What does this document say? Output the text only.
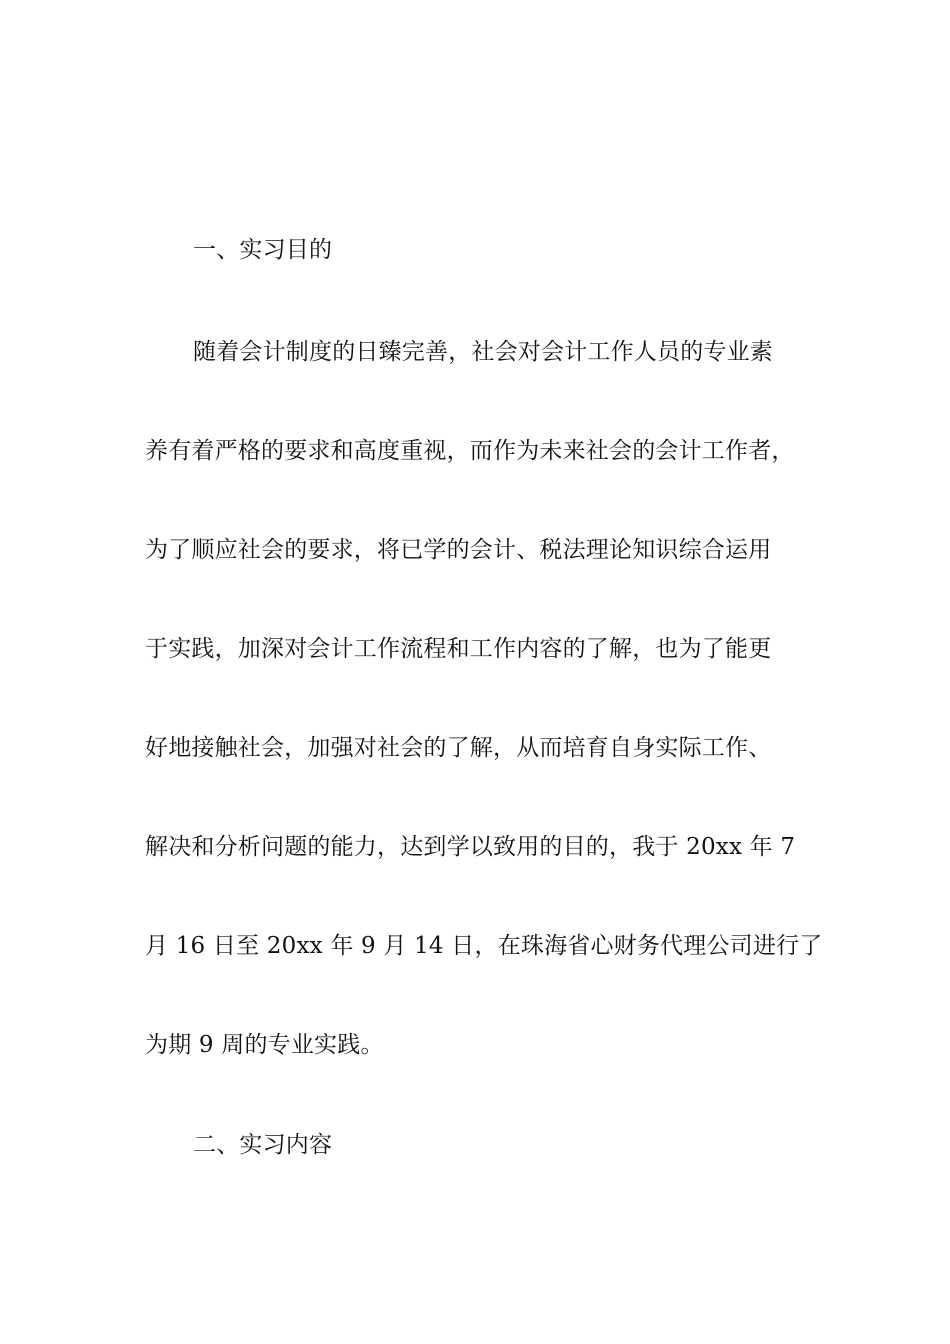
一、实习目的
随着会计制度的日臻完善，社会对会计工作人员的专业素
养有着严格的要求和高度重视，而作为未来社会的会计工作者，
为了顺应社会的要求，将已学的会计、税法理论知识综合运用
于实践，加深对会计工作流程和工作内容的了解，也为了能更
好地接触社会，加强对社会的了解，从而培育自身实际工作、
解决和分析问题的能力，达到学以致用的目的，我于 20xx 年 7
月 16 日至 20xx 年 9 月 14 日，在珠海省心财务代理公司进行了
为期 9 周的专业实践。
二、实习内容
